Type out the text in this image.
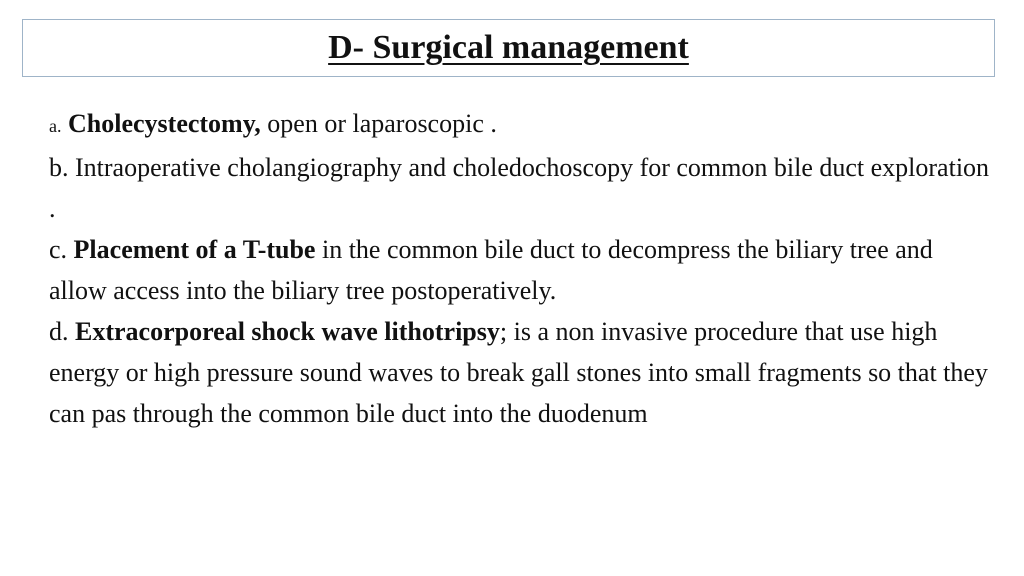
D- Surgical management

a. Cholecystectomy, open or laparoscopic .

b. Intraoperative cholangiography and choledochoscopy for common bile duct exploration .

c. Placement of a T-tube in the common bile duct to decompress the biliary tree and allow access into the biliary tree postoperatively.

d. Extracorporeal shock wave lithotripsy; is a non invasive procedure that use high energy or high pressure sound waves to break gall stones into small fragments so that they can pas through the common bile duct into the duodenum
